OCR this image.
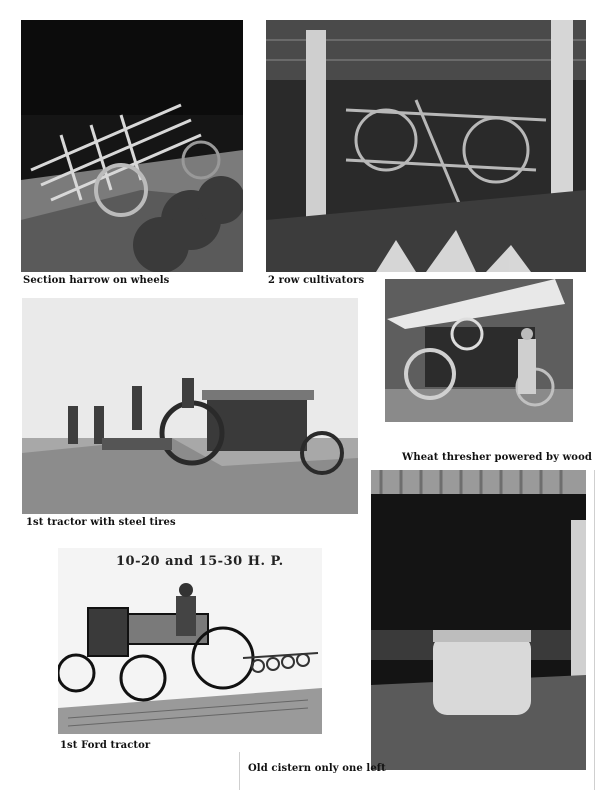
Section harrow on wheels	2 row cultivators
Wheat thresher powered by wood
1st tractor with steel tires
10-20 and 15-30 H. P.
1st Ford tractor
Old cistern only one left
